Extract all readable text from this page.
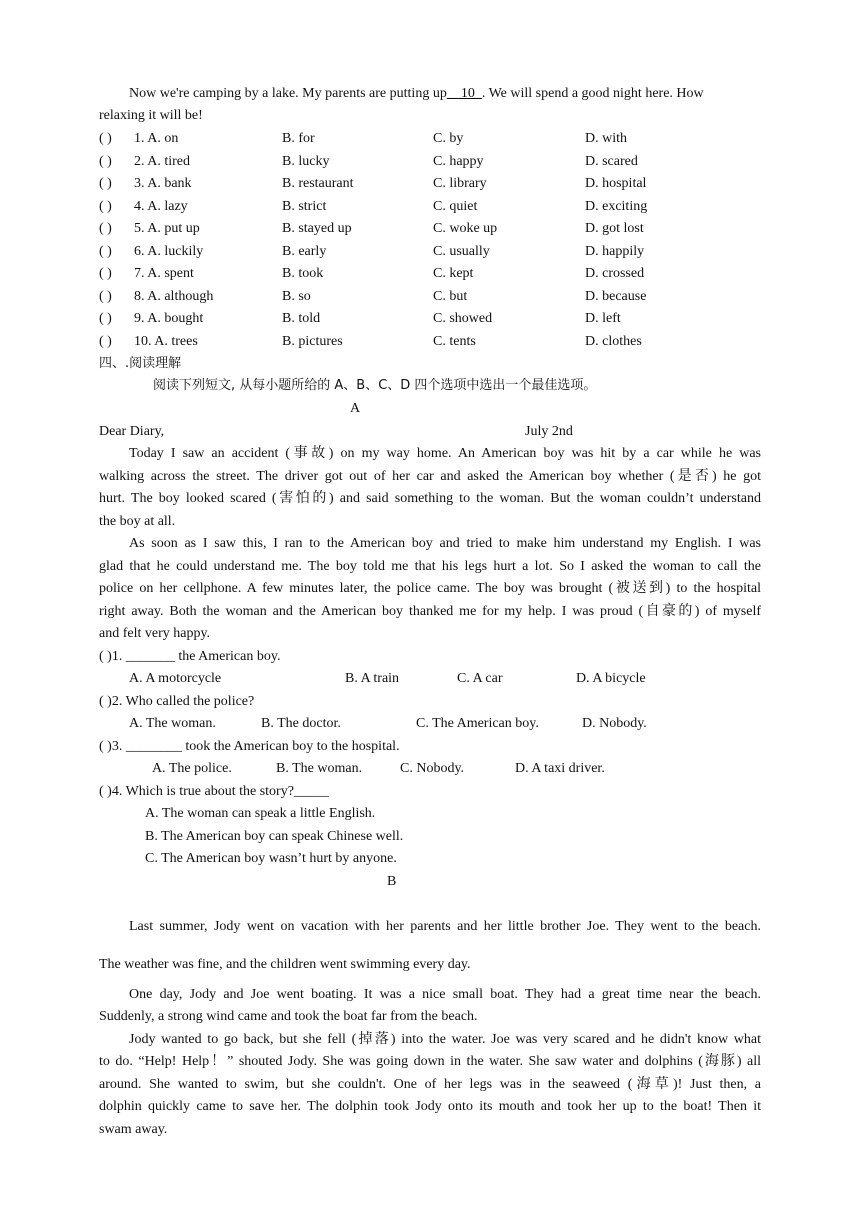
Now we're camping by a lake. My parents are putting up__10_. We will spend a good night here. How
relaxing it will be!
( ) 1. A. on	B. for	C. by	D. with
( ) 2. A. tired	B. lucky	C. happy	D. scared
( ) 3. A. bank	B. restaurant	C. library	D. hospital
( ) 4. A. lazy	B. strict	C. quiet	D. exciting
( ) 5. A. put up	B. stayed up	C. woke up	D. got lost
( ) 6. A. luckily	B. early	C. usually	D. happily
( ) 7. A. spent	B. took	C. kept	D. crossed
( ) 8. A. although	B. so	C. but	D. because
( ) 9. A. bought	B. told	C. showed	D. left
( ) 10. A. trees	B. pictures	C. tents	D. clothes
四、.阅读理解
阅读下列短文, 从每小题所给的 A、B、C、D 四个选项中选出一个最佳选项。
A
Dear Diary,	July 2nd
Today I saw an accident (事故) on my way home. An American boy was hit by a car while he was
walking across the street. The driver got out of her car and asked the American boy whether (是否) he got
hurt. The boy looked scared (害怕的) and said something to the woman. But the woman couldn’t understand
the boy at all.
As soon as I saw this, I ran to the American boy and tried to make him understand my English. I was
glad that he could understand me. The boy told me that his legs hurt a lot. So I asked the woman to call the
police on her cellphone. A few minutes later, the police came. The boy was brought (被送到) to the hospital
right away. Both the woman and the American boy thanked me for my help. I was proud (自豪的) of myself
and felt very happy.
( )1. _______ the American boy.
A. A motorcycle	B. A train	C. A car	D. A bicycle
( )2. Who called the police?
A. The woman.	B. The doctor.	C. The American boy.	D. Nobody.
( )3. ________ took the American boy to the hospital.
A. The police.	B. The woman.	C. Nobody.	D. A taxi driver.
( )4. Which is true about the story?_____
A. The woman can speak a little English.
B. The American boy can speak Chinese well.
C. The American boy wasn’t hurt by anyone.
B
Last summer, Jody went on vacation with her parents and her little brother Joe. They went to the beach.
The weather was fine, and the children went swimming every day.
One day, Jody and Joe went boating. It was a nice small boat. They had a great time near the beach.
Suddenly, a strong wind came and took the boat far from the beach.
Jody wanted to go back, but she fell (掉落) into the water. Joe was very scared and he didn't know what
to do. “Help! Help！” shouted Jody. She was going down in the water. She saw water and dolphins (海豚) all
around. She wanted to swim, but she couldn't. One of her legs was in the seaweed (海草)! Just then, a
dolphin quickly came to save her. The dolphin took Jody onto its mouth and took her up to the boat! Then it
swam away.
